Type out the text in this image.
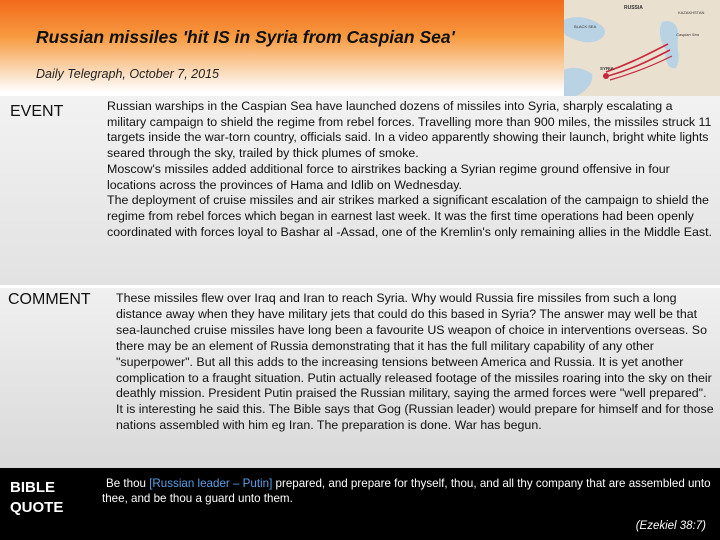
Russian missiles 'hit IS in Syria from Caspian Sea'
Daily Telegraph, October 7, 2015
RUSSIA
KAZAKHSTAN
BLACK SEA
Caspian Sea
SYRIA
EVENT	Russian warships in the Caspian Sea have launched dozens of missiles into Syria, sharply escalating a military campaign to shield the regime from rebel forces. Travelling more than 900 miles, the missiles struck 11 targets inside the war-torn country, officials said. In a video apparently showing their launch, bright white lights seared through the sky, trailed by thick plumes of smoke.

Moscow's missiles added additional force to airstrikes backing a Syrian regime ground offensive in four locations across the provinces of Hama and Idlib on Wednesday.

The deployment of cruise missiles and air strikes marked a significant escalation of the campaign to shield the regime from rebel forces which began in earnest last week. It was the first time operations had been openly coordinated with forces loyal to Bashar al -Assad, one of the Kremlin's only remaining allies in the Middle East.

COMMENT These missiles flew over Iraq and Iran to reach Syria. Why would Russia fire missiles from such a long distance away when they have military jets that could do this based in Syria? The answer may well be that sea-launched cruise missiles have long been a favourite US weapon of choice in interventions overseas. So there may be an element of Russia demonstrating that it has the full military capability of any other "superpower". But all this adds to the increasing tensions between America and Russia. It is yet another complication to a fraught situation. Putin actually released footage of the missiles roaring into the sky on their deathly mission. President Putin praised the Russian military, saying the armed forces were "well prepared". It is interesting he said this. The Bible says that Gog (Russian leader) would prepare for himself and for those nations assembled with him eg Iran. The preparation is done. War has begun.
BIBLE
QUOTE
Be thou [Russian leader – Putin] prepared, and prepare for thyself, thou, and all thy company that are assembled unto thee, and be thou a guard unto them.
(Ezekiel 38:7)
